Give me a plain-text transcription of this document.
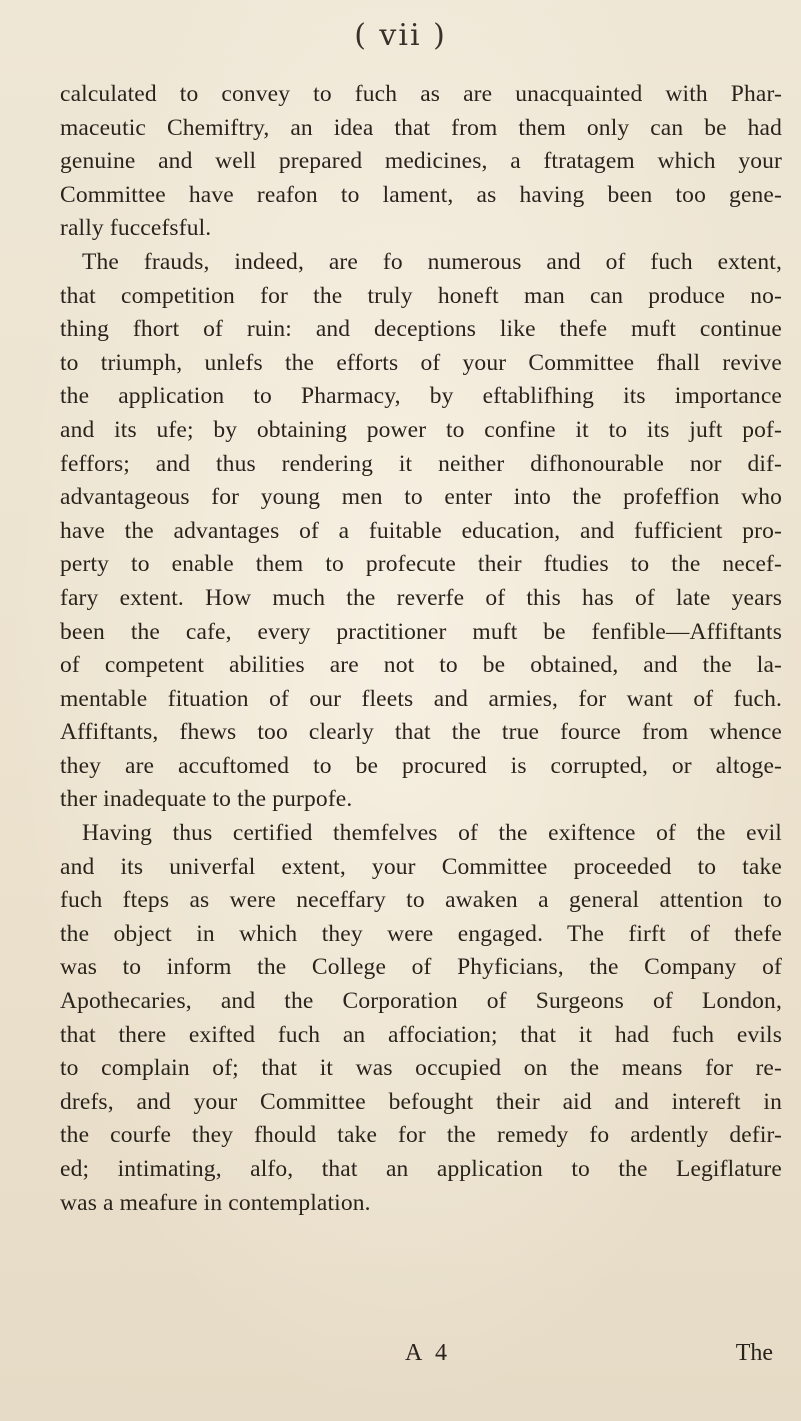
( vii )
calculated to convey to fuch as are unacquainted with Phar-
maceutic Chemiftry, an idea that from them only can be had
genuine and well prepared medicines, a ftratagem which your
Committee have reafon to lament, as having been too gene-
rally fuccefsful.
The frauds, indeed, are fo numerous and of fuch extent,
that competition for the truly honeft man can produce no-
thing fhort of ruin: and deceptions like thefe muft continue
to triumph, unlefs the efforts of your Committee fhall revive
the application to Pharmacy, by eftablifhing its importance
and its ufe; by obtaining power to confine it to its juft pof-
feffors; and thus rendering it neither difhonourable nor dif-
advantageous for young men to enter into the profeffion who
have the advantages of a fuitable education, and fufficient pro-
perty to enable them to profecute their ftudies to the necef-
fary extent. How much the reverfe of this has of late years
been the cafe, every practitioner muft be fenfible—Affiftants
of competent abilities are not to be obtained, and the la-
mentable fituation of our fleets and armies, for want of fuch.
Affiftants, fhews too clearly that the true fource from whence
they are accuftomed to be procured is corrupted, or altoge-
ther inadequate to the purpofe.
Having thus certified themfelves of the exiftence of the evil
and its univerfal extent, your Committee proceeded to take
fuch fteps as were neceffary to awaken a general attention to
the object in which they were engaged. The firft of thefe
was to inform the College of Phyficians, the Company of
Apothecaries, and the Corporation of Surgeons of London,
that there exifted fuch an affociation; that it had fuch evils
to complain of; that it was occupied on the means for re-
drefs, and your Committee befought their aid and intereft in
the courfe they fhould take for the remedy fo ardently defir-
ed; intimating, alfo, that an application to the Legiflature
was a meafure in contemplation.
A 4	The
